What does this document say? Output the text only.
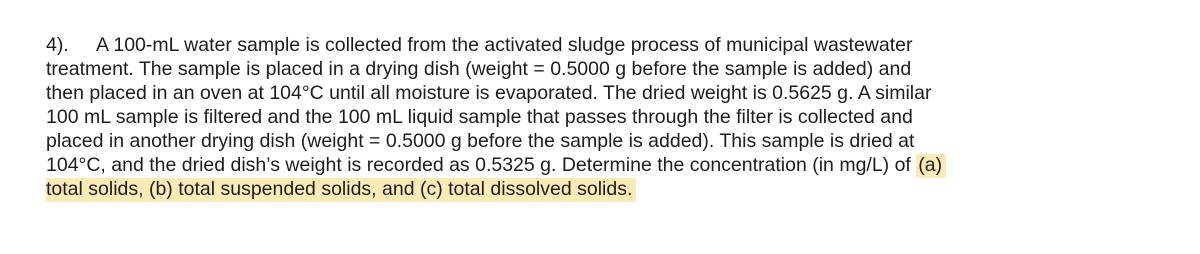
4). A 100-mL water sample is collected from the activated sludge process of municipal wastewater
treatment. The sample is placed in a drying dish (weight = 0.5000 g before the sample is added) and
then placed in an oven at 104°C until all moisture is evaporated. The dried weight is 0.5625 g. A similar
100 mL sample is filtered and the 100 mL liquid sample that passes through the filter is collected and
placed in another drying dish (weight = 0.5000 g before the sample is added). This sample is dried at
104°C, and the dried dish’s weight is recorded as 0.5325 g. Determine the concentration (in mg/L) of (a)
total solids, (b) total suspended solids, and (c) total dissolved solids.
